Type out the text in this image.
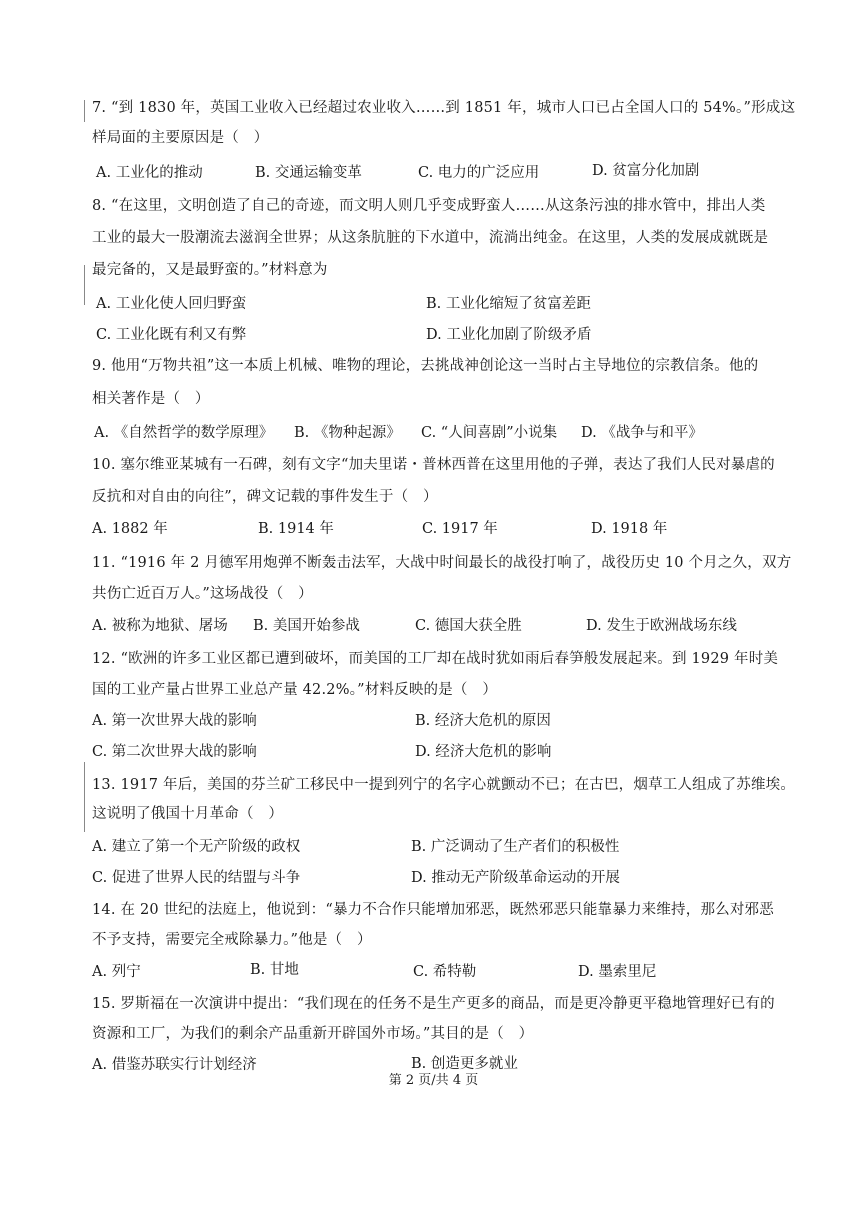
7. “到 1830 年，英国工业收入已经超过农业收入……到 1851 年，城市人口已占全国人口的 54%。”形成这
样局面的主要原因是（　）
A. 工业化的推动	B. 交通运输变革	C. 电力的广泛应用	D. 贫富分化加剧
8. “在这里，文明创造了自己的奇迹，而文明人则几乎变成野蛮人……从这条污浊的排水管中，排出人类
工业的最大一股潮流去滋润全世界；从这条肮脏的下水道中，流淌出纯金。在这里，人类的发展成就既是
最完备的，又是最野蛮的。”材料意为
A. 工业化使人回归野蛮	B. 工业化缩短了贫富差距
C. 工业化既有利又有弊	D. 工业化加剧了阶级矛盾
9. 他用“万物共祖”这一本质上机械、唯物的理论，去挑战神创论这一当时占主导地位的宗教信条。他的
相关著作是（　）
A. 《自然哲学的数学原理》 B. 《物种起源》 C. “人间喜剧”小说集 D. 《战争与和平》
10. 塞尔维亚某城有一石碑，刻有文字“加夫里诺・普林西普在这里用他的子弹，表达了我们人民对暴虐的
反抗和对自由的向往”，碑文记载的事件发生于（　）
A. 1882 年	B. 1914 年	C. 1917 年	D. 1918 年
11. “1916 年 2 月德军用炮弹不断轰击法军，大战中时间最长的战役打响了，战役历史 10 个月之久，双方
共伤亡近百万人。”这场战役（　）
A. 被称为地狱、屠场 B. 美国开始参战	C. 德国大获全胜	D. 发生于欧洲战场东线
12. “欧洲的许多工业区都已遭到破坏，而美国的工厂却在战时犹如雨后春笋般发展起来。到 1929 年时美
国的工业产量占世界工业总产量 42.2%。”材料反映的是（　）
A. 第一次世界大战的影响	B. 经济大危机的原因
C. 第二次世界大战的影响	D. 经济大危机的影响
13. 1917 年后，美国的芬兰矿工移民中一提到列宁的名字心就颤动不已；在古巴，烟草工人组成了苏维埃。
这说明了俄国十月革命（　）
A. 建立了第一个无产阶级的政权	B. 广泛调动了生产者们的积极性
C. 促进了世界人民的结盟与斗争	D. 推动无产阶级革命运动的开展
14. 在 20 世纪的法庭上，他说到：“暴力不合作只能增加邪恶，既然邪恶只能靠暴力来维持，那么对邪恶
不予支持，需要完全戒除暴力。”他是（　）
A. 列宁	B. 甘地	C. 希特勒	D. 墨索里尼
15. 罗斯福在一次演讲中提出：“我们现在的任务不是生产更多的商品，而是更冷静更平稳地管理好已有的
资源和工厂，为我们的剩余产品重新开辟国外市场。”其目的是（　）
A. 借鉴苏联实行计划经济	B. 创造更多就业
第 2 页/共 4 页
